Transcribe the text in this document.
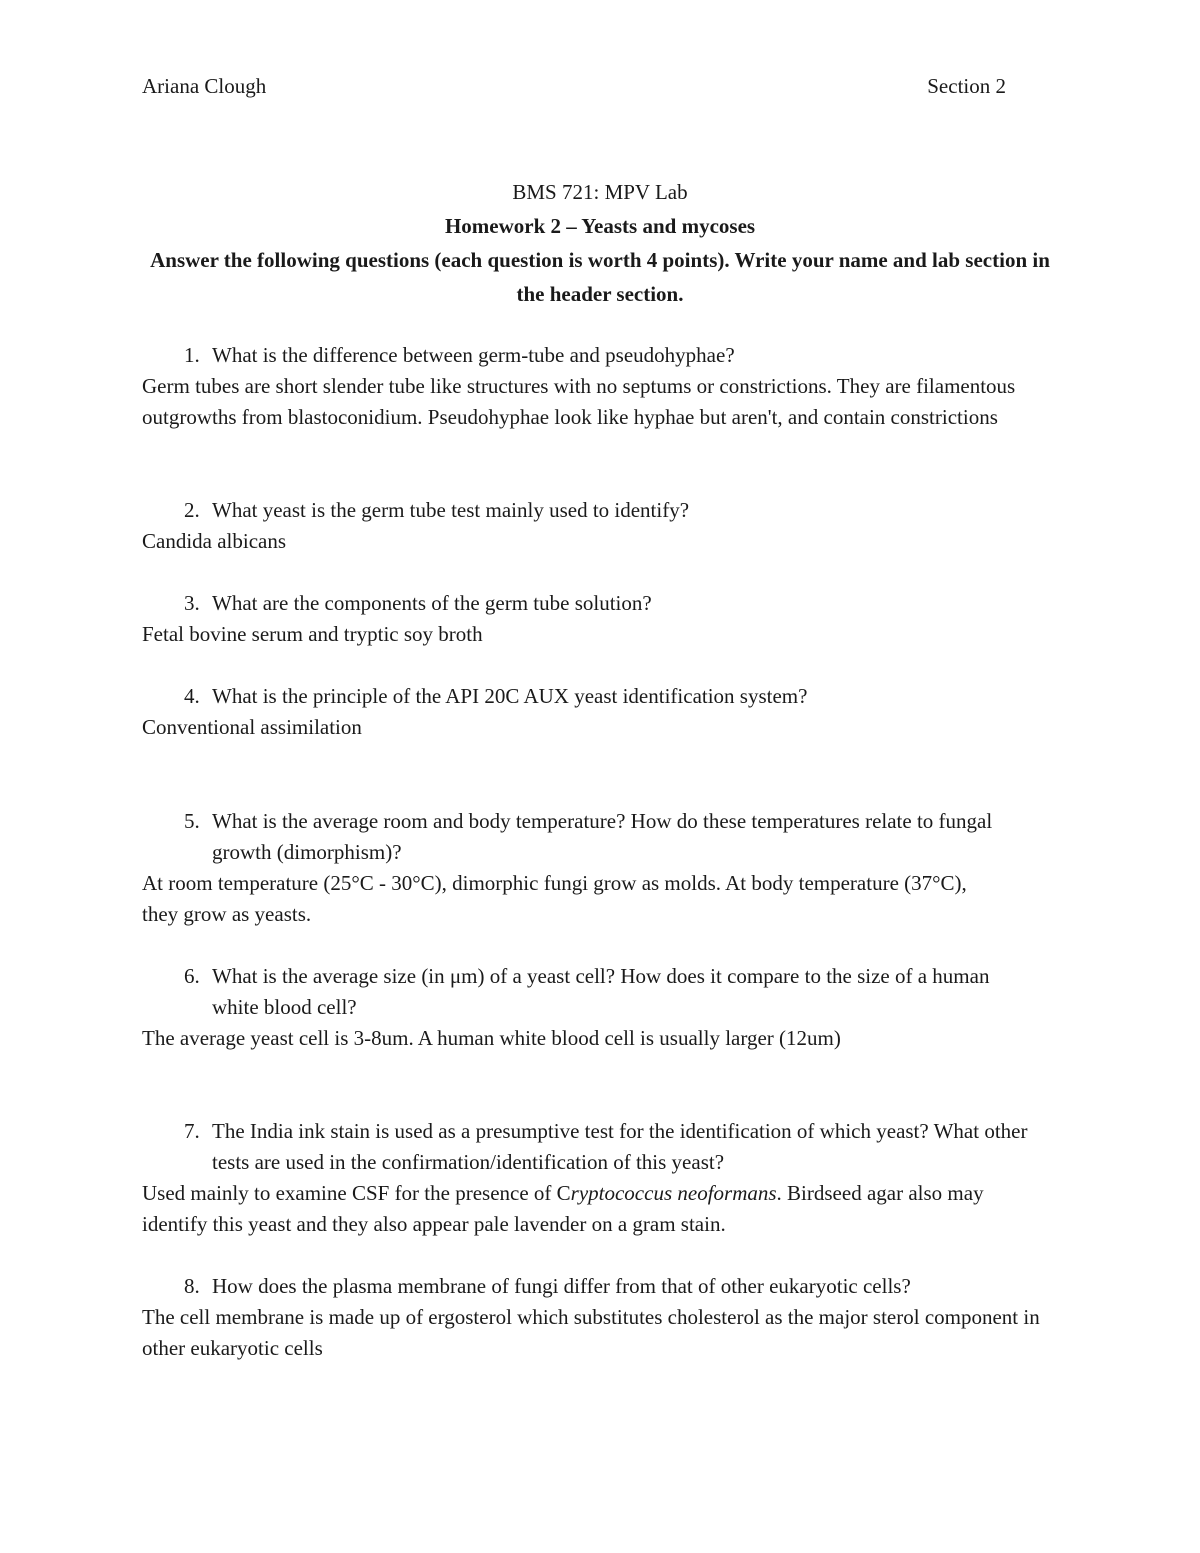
Ariana Clough	Section 2
BMS 721: MPV Lab
Homework 2 – Yeasts and mycoses
Answer the following questions (each question is worth 4 points). Write your name and lab section in the header section.
1. What is the difference between germ-tube and pseudohyphae?
Germ tubes are short slender tube like structures with no septums or constrictions. They are filamentous outgrowths from blastoconidium. Pseudohyphae look like hyphae but aren't, and contain constrictions
2. What yeast is the germ tube test mainly used to identify?
Candida albicans
3. What are the components of the germ tube solution?
Fetal bovine serum and tryptic soy broth
4. What is the principle of the API 20C AUX yeast identification system?
Conventional assimilation
5. What is the average room and body temperature? How do these temperatures relate to fungal growth (dimorphism)?
At room temperature (25°C - 30°C), dimorphic fungi grow as molds. At body temperature (37°C), they grow as yeasts.
6. What is the average size (in μm) of a yeast cell? How does it compare to the size of a human white blood cell?
The average yeast cell is 3-8um. A human white blood cell is usually larger (12um)
7. The India ink stain is used as a presumptive test for the identification of which yeast? What other tests are used in the confirmation/identification of this yeast?
Used mainly to examine CSF for the presence of Cryptococcus neoformans. Birdseed agar also may identify this yeast and they also appear pale lavender on a gram stain.
8. How does the plasma membrane of fungi differ from that of other eukaryotic cells?
The cell membrane is made up of ergosterol which substitutes cholesterol as the major sterol component in other eukaryotic cells
